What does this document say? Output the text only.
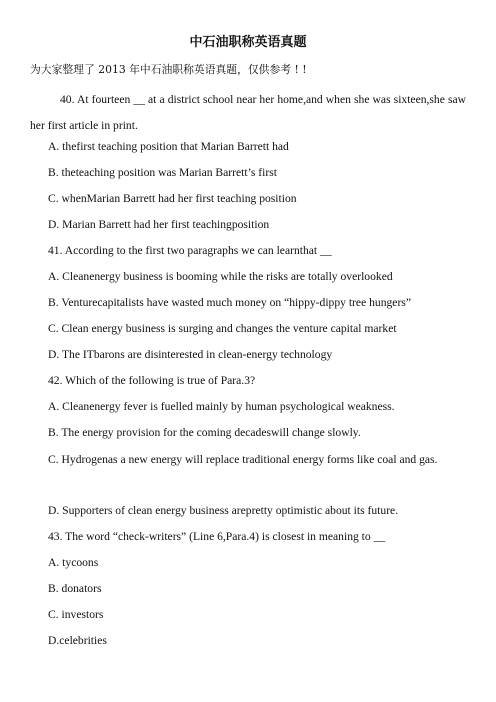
中石油职称英语真题
为大家整理了 2013 年中石油职称英语真题，仅供参考 ! !
40. At fourteen __ at a district school near her home,and when she was sixteen,she saw her first article in print.
A. thefirst teaching position that Marian Barrett had
B. theteaching position was Marian Barrett’s first
C. whenMarian Barrett had her first teaching position
D. Marian Barrett had her first teachingposition
41. According to the first two paragraphs we can learnthat __
A. Cleanenergy business is booming while the risks are totally overlooked
B. Venturecapitalists have wasted much money on “hippy-dippy tree hungers”
C. Clean energy business is surging and changes the venture capital market
D. The ITbarons are disinterested in clean-energy technology
42. Which of the following is true of Para.3?
A. Cleanenergy fever is fuelled mainly by human psychological weakness.
B. The energy provision for the coming decadeswill change slowly.
C. Hydrogenas a new energy will replace traditional energy forms like coal and gas.
D. Supporters of clean energy business arepretty optimistic about its future.
43. The word “check-writers” (Line 6,Para.4) is closest in meaning to __
A. tycoons
B. donators
C. investors
D.celebrities
